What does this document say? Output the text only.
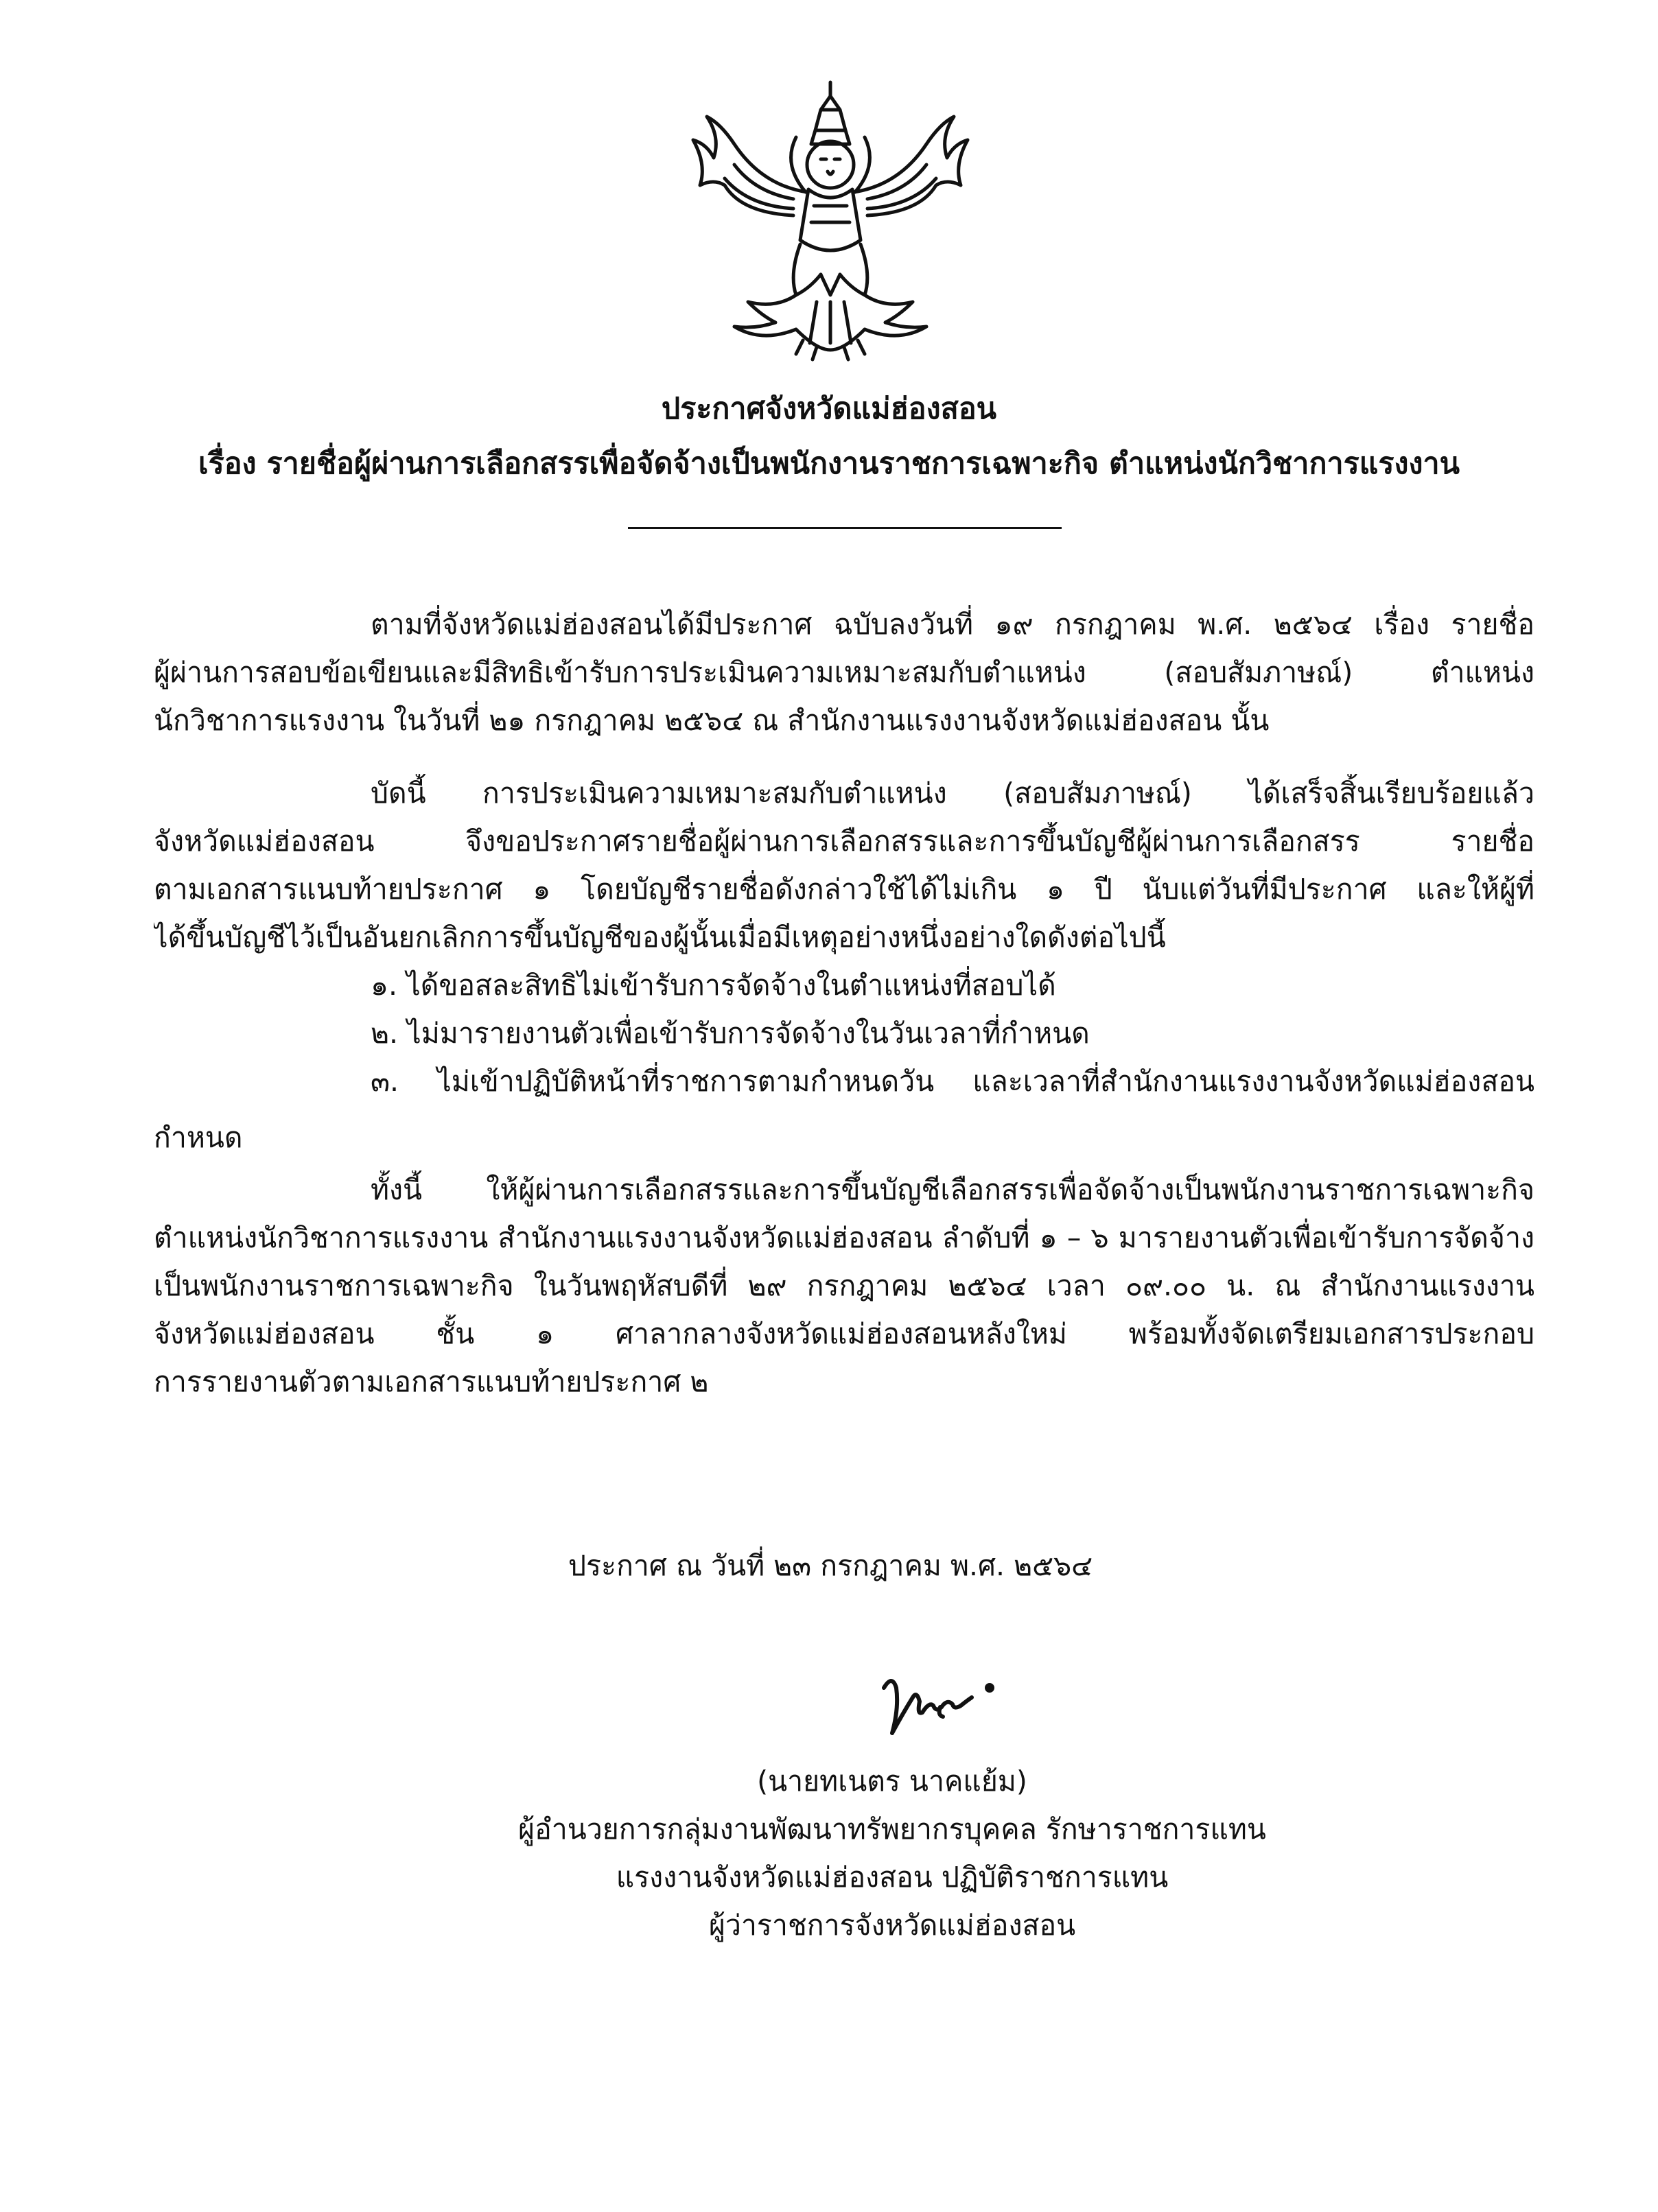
ประกาศจังหวัดแม่ฮ่องสอน
เรื่อง รายชื่อผู้ผ่านการเลือกสรรเพื่อจัดจ้างเป็นพนักงานราชการเฉพาะกิจ ตำแหน่งนักวิชาการแรงงาน
ตามที่จังหวัดแม่ฮ่องสอนได้มีประกาศ ฉบับลงวันที่ ๑๙ กรกฎาคม พ.ศ. ๒๕๖๔ เรื่อง รายชื่อ
ผู้ผ่านการสอบข้อเขียนและมีสิทธิเข้ารับการประเมินความเหมาะสมกับตำแหน่ง (สอบสัมภาษณ์) ตำแหน่ง
นักวิชาการแรงงาน ในวันที่ ๒๑ กรกฎาคม ๒๕๖๔ ณ สำนักงานแรงงานจังหวัดแม่ฮ่องสอน นั้น
บัดนี้ การประเมินความเหมาะสมกับตำแหน่ง (สอบสัมภาษณ์) ได้เสร็จสิ้นเรียบร้อยแล้ว
จังหวัดแม่ฮ่องสอน จึงขอประกาศรายชื่อผู้ผ่านการเลือกสรรและการขึ้นบัญชีผู้ผ่านการเลือกสรร รายชื่อ
ตามเอกสารแนบท้ายประกาศ ๑ โดยบัญชีรายชื่อดังกล่าวใช้ได้ไม่เกิน ๑ ปี นับแต่วันที่มีประกาศ และให้ผู้ที่
ได้ขึ้นบัญชีไว้เป็นอันยกเลิกการขึ้นบัญชีของผู้นั้นเมื่อมีเหตุอย่างหนึ่งอย่างใดดังต่อไปนี้
๑. ได้ขอสละสิทธิไม่เข้ารับการจัดจ้างในตำแหน่งที่สอบได้
๒. ไม่มารายงานตัวเพื่อเข้ารับการจัดจ้างในวันเวลาที่กำหนด
๓. ไม่เข้าปฏิบัติหน้าที่ราชการตามกำหนดวัน และเวลาที่สำนักงานแรงงานจังหวัดแม่ฮ่องสอน
กำหนด
ทั้งนี้ ให้ผู้ผ่านการเลือกสรรและการขึ้นบัญชีเลือกสรรเพื่อจัดจ้างเป็นพนักงานราชการเฉพาะกิจ
ตำแหน่งนักวิชาการแรงงาน สำนักงานแรงงานจังหวัดแม่ฮ่องสอน ลำดับที่ ๑ – ๖ มารายงานตัวเพื่อเข้ารับการจัดจ้าง
เป็นพนักงานราชการเฉพาะกิจ ในวันพฤหัสบดีที่ ๒๙ กรกฎาคม ๒๕๖๔ เวลา ๐๙.๐๐ น. ณ สำนักงานแรงงาน
จังหวัดแม่ฮ่องสอน ชั้น ๑ ศาลากลางจังหวัดแม่ฮ่องสอนหลังใหม่ พร้อมทั้งจัดเตรียมเอกสารประกอบ
การรายงานตัวตามเอกสารแนบท้ายประกาศ ๒
ประกาศ ณ วันที่ ๒๓ กรกฎาคม พ.ศ. ๒๕๖๔
(นายทเนตร นาคแย้ม)
ผู้อำนวยการกลุ่มงานพัฒนาทรัพยากรบุคคล รักษาราชการแทน
แรงงานจังหวัดแม่ฮ่องสอน ปฏิบัติราชการแทน
ผู้ว่าราชการจังหวัดแม่ฮ่องสอน
